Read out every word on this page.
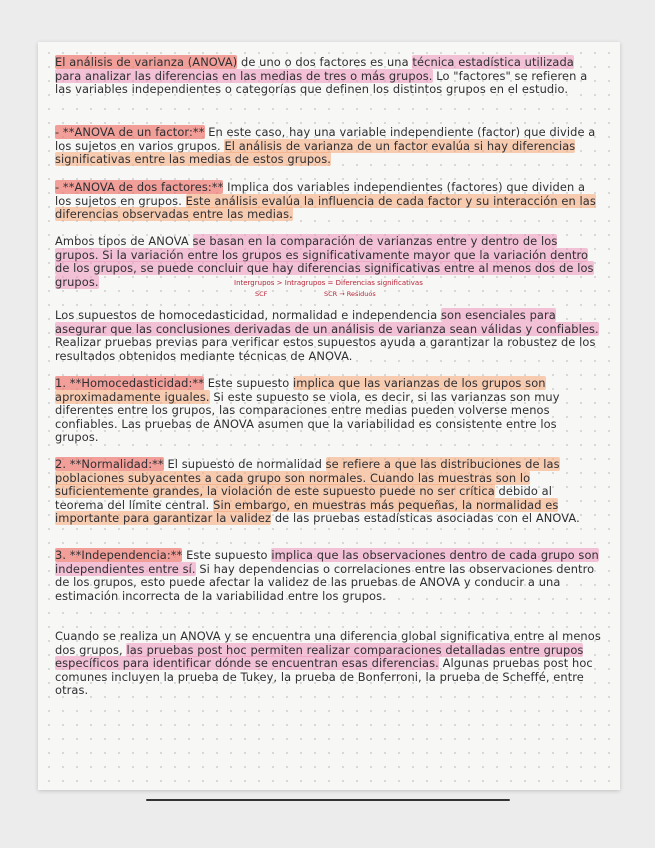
El análisis de varianza (ANOVA) de uno o dos factores es una técnica estadística utilizada para analizar las diferencias en las medias de tres o más grupos. Lo "factores" se refieren a las variables independientes o categorías que definen los distintos grupos en el estudio.

- **ANOVA de un factor:** En este caso, hay una variable independiente (factor) que divide a los sujetos en varios grupos. El análisis de varianza de un factor evalúa si hay diferencias significativas entre las medias de estos grupos.

- **ANOVA de dos factores:** Implica dos variables independientes (factores) que dividen a los sujetos en grupos. Este análisis evalúa la influencia de cada factor y su interacción en las diferencias observadas entre las medias.

Ambos tipos de ANOVA se basan en la comparación de varianzas entre y dentro de los grupos. Si la variación entre los grupos es significativamente mayor que la variación dentro de los grupos, se puede concluir que hay diferencias significativas entre al menos dos de los grupos.	Intergrupos > Intragrupos = Diferencias significativas
SCF	SCR → Residuos

Los supuestos de homocedasticidad, normalidad e independencia son esenciales para asegurar que las conclusiones derivadas de un análisis de varianza sean válidas y confiables. Realizar pruebas previas para verificar estos supuestos ayuda a garantizar la robustez de los resultados obtenidos mediante técnicas de ANOVA.

1. **Homocedasticidad:** Este supuesto implica que las varianzas de los grupos son aproximadamente iguales. Si este supuesto se viola, es decir, si las varianzas son muy diferentes entre los grupos, las comparaciones entre medias pueden volverse menos confiables. Las pruebas de ANOVA asumen que la variabilidad es consistente entre los grupos.

2. **Normalidad:** El supuesto de normalidad se refiere a que las distribuciones de las poblaciones subyacentes a cada grupo son normales. Cuando las muestras son lo suficientemente grandes, la violación de este supuesto puede no ser crítica debido al teorema del límite central. Sin embargo, en muestras más pequeñas, la normalidad es importante para garantizar la validez de las pruebas estadísticas asociadas con el ANOVA.

3. **Independencia:** Este supuesto implica que las observaciones dentro de cada grupo son independientes entre sí. Si hay dependencias o correlaciones entre las observaciones dentro de los grupos, esto puede afectar la validez de las pruebas de ANOVA y conducir a una estimación incorrecta de la variabilidad entre los grupos.

Cuando se realiza un ANOVA y se encuentra una diferencia global significativa entre al menos dos grupos, las pruebas post hoc permiten realizar comparaciones detalladas entre grupos específicos para identificar dónde se encuentran esas diferencias. Algunas pruebas post hoc comunes incluyen la prueba de Tukey, la prueba de Bonferroni, la prueba de Scheffé, entre otras.
